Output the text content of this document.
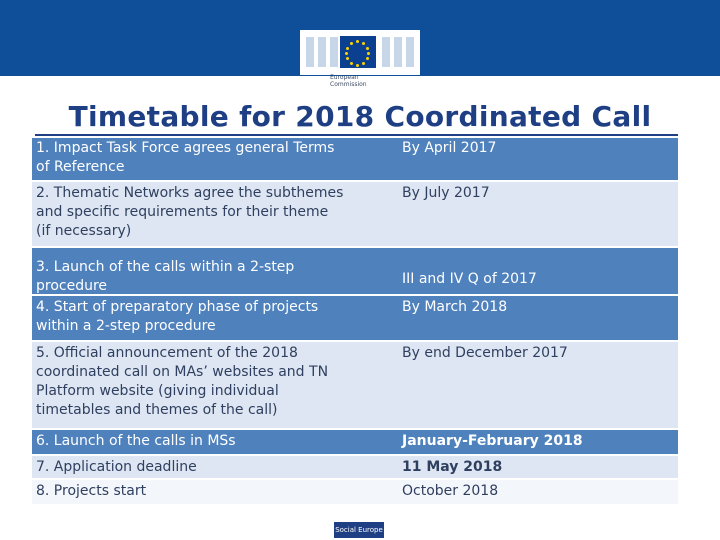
European Commission
Timetable for 2018 Coordinated Call
1. Impact Task Force agrees general Terms
of Reference
By April 2017
2. Thematic Networks agree the subthemes
and specific requirements for their theme
(if necessary)
By July 2017
3. Launch of the calls within a 2-step
procedure	III and IV Q of 2017
4. Start of preparatory phase of projects
within a 2-step procedure
By March 2018
5. Official announcement of the 2018
coordinated call on MAs’ websites and TN
Platform website (giving individual
timetables and themes of the call)
By end December 2017
6. Launch of the calls in MSs	January-February 2018
7. Application deadline	11 May 2018
8. Projects start	October 2018
Social Europe
